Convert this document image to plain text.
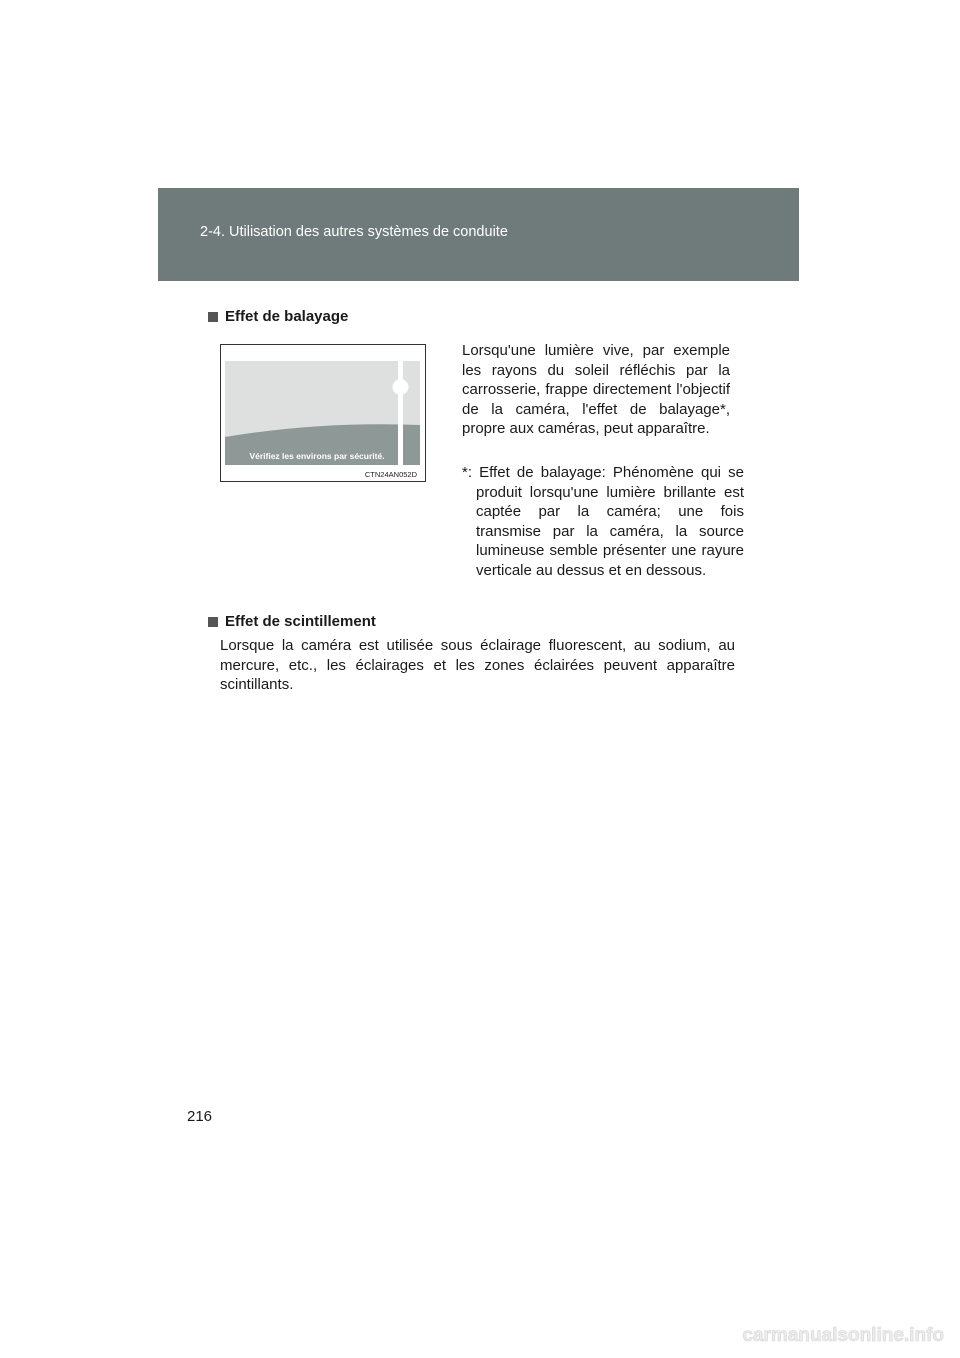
2-4. Utilisation des autres systèmes de conduite
Effet de balayage
Vérifiez les environs par sécurité.
CTN24AN052D
Lorsqu'une lumière vive, par exemple les rayons du soleil réfléchis par la carrosserie, frappe directement l'objectif de la caméra, l'effet de balayage*, propre aux caméras, peut apparaître.
*: Effet de balayage: Phénomène qui se produit lorsqu'une lumière brillante est captée par la caméra; une fois transmise par la caméra, la source lumineuse semble présenter une rayure verticale au dessus et en dessous.
Effet de scintillement
Lorsque la caméra est utilisée sous éclairage fluorescent, au sodium, au mercure, etc., les éclairages et les zones éclairées peuvent apparaître scintillants.
216
carmanualsonline.info
